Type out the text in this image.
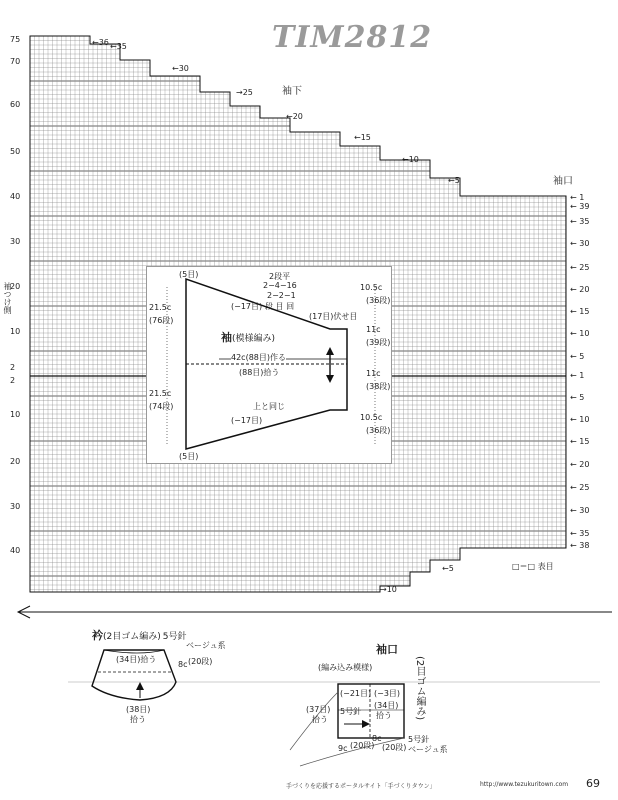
TIM2812
袖下
袖口
袖つけ側
□＝□ 表目
75
70
60
50
40
30
20
10
2
2
10
20
30
40
← 1
← 39
← 35
← 30
← 25
← 20
← 15
← 10
← 5
← 1
← 5
← 10
← 15
← 20
← 25
← 30
← 35
← 38
←36 ←35
←30
→25
←20
←15
←10
←5
←5
→10
(5目)
(5目)
21.5c
(76段)
21.5c
(74段)
2段平
2−4−16
2−2−1
段 目 回
(−17目)
(17目)伏せ目
袖(模様編み)
42c(88目)作る
(88目)拾う
上と同じ
(−17目)
10.5c
(36段)
11c
(39段)
11c
(38段)
10.5c
(36段)
衿(2目ゴム編み) 5号針
ベージュ系
(34目)拾う
8c (20段)
(38目)
拾う
袖口
(編み込み模様)
(−21目) (−3目)
(37目)
拾う
5号針
(34目)
拾う
9c (20段)
8c
(20段)
(2目ゴム編み)
5号針
ベージュ系
手づくりを応援するポータルサイト「手づくりタウン」	http://www.tezukuritown.com 69
